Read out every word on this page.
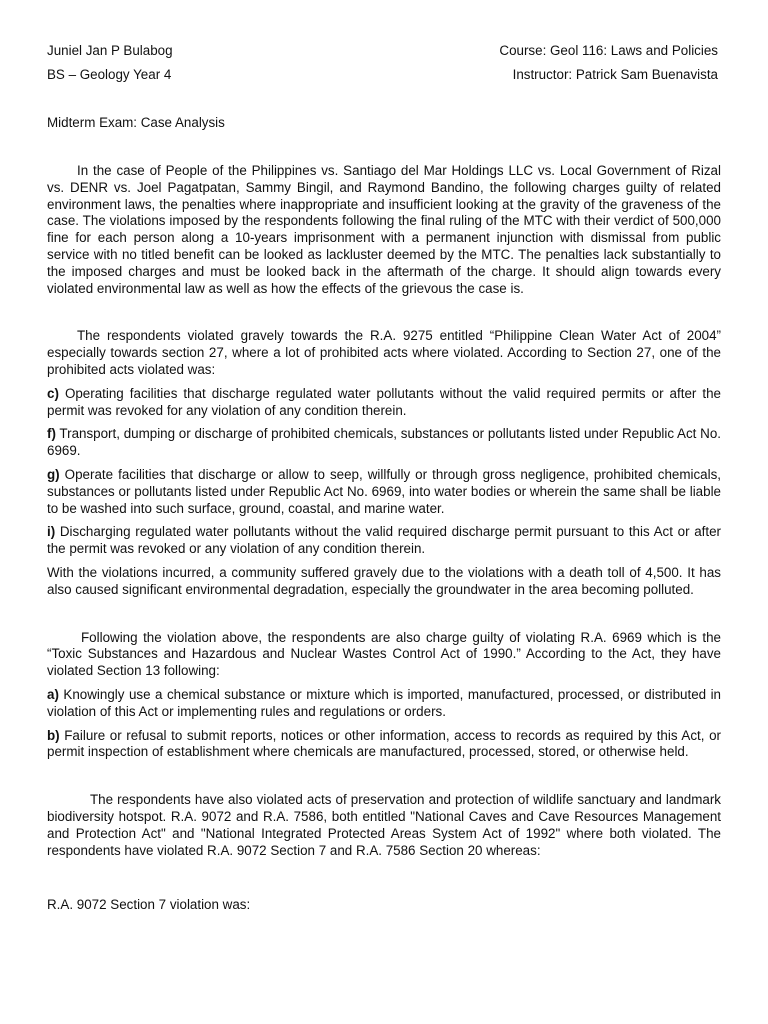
Juniel Jan P Bulabog	Course: Geol 116: Laws and Policies
BS – Geology Year 4	Instructor: Patrick Sam Buenavista
Midterm Exam: Case Analysis

In the case of People of the Philippines vs. Santiago del Mar Holdings LLC vs. Local Government of Rizal vs. DENR vs. Joel Pagatpatan, Sammy Bingil, and Raymond Bandino, the following charges guilty of related environment laws, the penalties where inappropriate and insufficient looking at the gravity of the graveness of the case. The violations imposed by the respondents following the final ruling of the MTC with their verdict of 500,000 fine for each person along a 10-years imprisonment with a permanent injunction with dismissal from public service with no titled benefit can be looked as lackluster deemed by the MTC. The penalties lack substantially to the imposed charges and must be looked back in the aftermath of the charge. It should align towards every violated environmental law as well as how the effects of the grievous the case is.

The respondents violated gravely towards the R.A. 9275 entitled “Philippine Clean Water Act of 2004” especially towards section 27, where a lot of prohibited acts where violated. According to Section 27, one of the prohibited acts violated was:

c) Operating facilities that discharge regulated water pollutants without the valid required permits or after the permit was revoked for any violation of any condition therein.

f) Transport, dumping or discharge of prohibited chemicals, substances or pollutants listed under Republic Act No. 6969.

g) Operate facilities that discharge or allow to seep, willfully or through gross negligence, prohibited chemicals, substances or pollutants listed under Republic Act No. 6969, into water bodies or wherein the same shall be liable to be washed into such surface, ground, coastal, and marine water.

i) Discharging regulated water pollutants without the valid required discharge permit pursuant to this Act or after the permit was revoked or any violation of any condition therein.

With the violations incurred, a community suffered gravely due to the violations with a death toll of 4,500. It has also caused significant environmental degradation, especially the groundwater in the area becoming polluted.

Following the violation above, the respondents are also charge guilty of violating R.A. 6969 which is the “Toxic Substances and Hazardous and Nuclear Wastes Control Act of 1990.” According to the Act, they have violated Section 13 following:

a) Knowingly use a chemical substance or mixture which is imported, manufactured, processed, or distributed in violation of this Act or implementing rules and regulations or orders.

b) Failure or refusal to submit reports, notices or other information, access to records as required by this Act, or permit inspection of establishment where chemicals are manufactured, processed, stored, or otherwise held.

The respondents have also violated acts of preservation and protection of wildlife sanctuary and landmark biodiversity hotspot. R.A. 9072 and R.A. 7586, both entitled "National Caves and Cave Resources Management and Protection Act" and "National Integrated Protected Areas System Act of 1992" where both violated. The respondents have violated R.A. 9072 Section 7 and R.A. 7586 Section 20 whereas:

R.A. 9072 Section 7 violation was:
